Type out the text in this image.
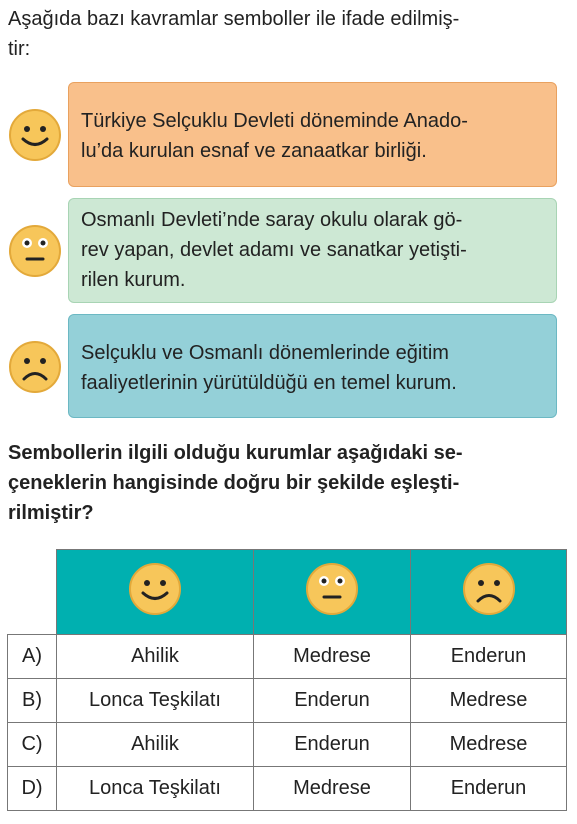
Aşağıda bazı kavramlar semboller ile ifade edilmiş-
tir:
Türkiye Selçuklu Devleti döneminde Anado-
lu’da kurulan esnaf ve zanaatkar birliği.
Osmanlı Devleti’nde saray okulu olarak gö-
rev yapan, devlet adamı ve sanatkar yetişti-
rilen kurum.
Selçuklu ve Osmanlı dönemlerinde eğitim
faaliyetlerinin yürütüldüğü en temel kurum.
Sembollerin ilgili olduğu kurumlar aşağıdaki se-
çeneklerin hangisinde doğru bir şekilde eşleşti-
rilmiştir?

A)	Ahilik	Medrese	Enderun
B)	Lonca Teşkilatı	Enderun	Medrese
C)	Ahilik	Enderun	Medrese
D)	Lonca Teşkilatı	Medrese	Enderun
